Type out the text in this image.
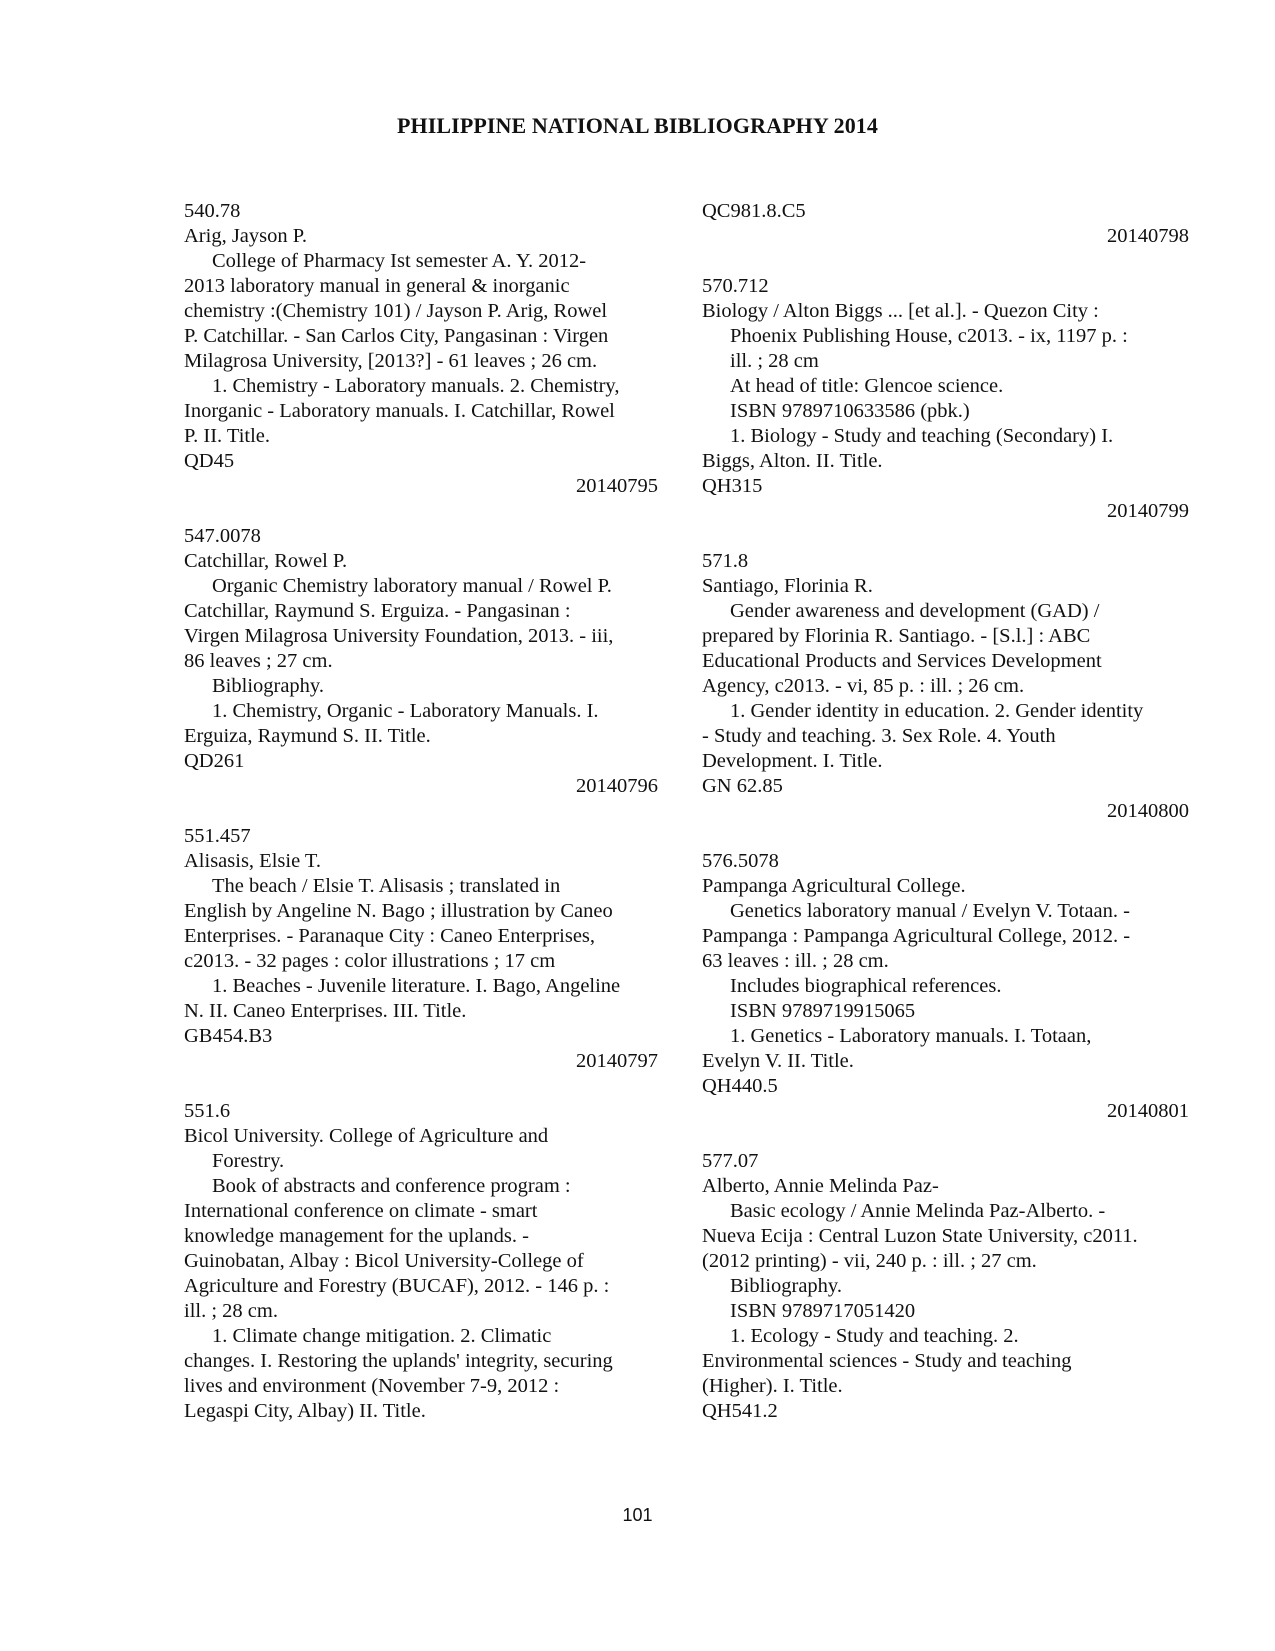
PHILIPPINE NATIONAL BIBLIOGRAPHY 2014
540.78
Arig, Jayson P.
College of Pharmacy Ist semester A. Y. 2012-
2013 laboratory manual in general & inorganic
chemistry :(Chemistry 101) / Jayson P. Arig, Rowel
P. Catchillar. - San Carlos City, Pangasinan : Virgen
Milagrosa University, [2013?] - 61 leaves ; 26 cm.
1. Chemistry - Laboratory manuals. 2. Chemistry,
Inorganic - Laboratory manuals. I. Catchillar, Rowel
P. II. Title.
QD45
20140795
547.0078
Catchillar, Rowel P.
Organic Chemistry laboratory manual / Rowel P.
Catchillar, Raymund S. Erguiza. - Pangasinan :
Virgen Milagrosa University Foundation, 2013. - iii,
86 leaves ; 27 cm.
Bibliography.
1. Chemistry, Organic - Laboratory Manuals. I.
Erguiza, Raymund S. II. Title.
QD261
20140796
551.457
Alisasis, Elsie T.
The beach / Elsie T. Alisasis ; translated in
English by Angeline N. Bago ; illustration by Caneo
Enterprises. - Paranaque City : Caneo Enterprises,
c2013. - 32 pages : color illustrations ; 17 cm
1. Beaches - Juvenile literature. I. Bago, Angeline
N. II. Caneo Enterprises. III. Title.
GB454.B3
20140797
551.6
Bicol University. College of Agriculture and
Forestry.
Book of abstracts and conference program :
International conference on climate - smart
knowledge management for the uplands. -
Guinobatan, Albay : Bicol University-College of
Agriculture and Forestry (BUCAF), 2012. - 146 p. :
ill. ; 28 cm.
1. Climate change mitigation. 2. Climatic
changes. I. Restoring the uplands' integrity, securing
lives and environment (November 7-9, 2012 :
Legaspi City, Albay) II. Title.
QC981.8.C5
20140798
570.712
Biology / Alton Biggs ... [et al.]. - Quezon City :
Phoenix Publishing House, c2013. - ix, 1197 p. :
ill. ; 28 cm
At head of title: Glencoe science.
ISBN 9789710633586 (pbk.)
1. Biology - Study and teaching (Secondary) I.
Biggs, Alton. II. Title.
QH315
20140799
571.8
Santiago, Florinia R.
Gender awareness and development (GAD) /
prepared by Florinia R. Santiago. - [S.l.] : ABC
Educational Products and Services Development
Agency, c2013. - vi, 85 p. : ill. ; 26 cm.
1. Gender identity in education. 2. Gender identity
- Study and teaching. 3. Sex Role. 4. Youth
Development. I. Title.
GN 62.85
20140800
576.5078
Pampanga Agricultural College.
Genetics laboratory manual / Evelyn V. Totaan. -
Pampanga : Pampanga Agricultural College, 2012. -
63 leaves : ill. ; 28 cm.
Includes biographical references.
ISBN 9789719915065
1. Genetics - Laboratory manuals. I. Totaan,
Evelyn V. II. Title.
QH440.5
20140801
577.07
Alberto, Annie Melinda Paz-
Basic ecology / Annie Melinda Paz-Alberto. -
Nueva Ecija : Central Luzon State University, c2011.
(2012 printing) - vii, 240 p. : ill. ; 27 cm.
Bibliography.
ISBN 9789717051420
1. Ecology - Study and teaching. 2.
Environmental sciences - Study and teaching
(Higher). I. Title.
QH541.2
101
